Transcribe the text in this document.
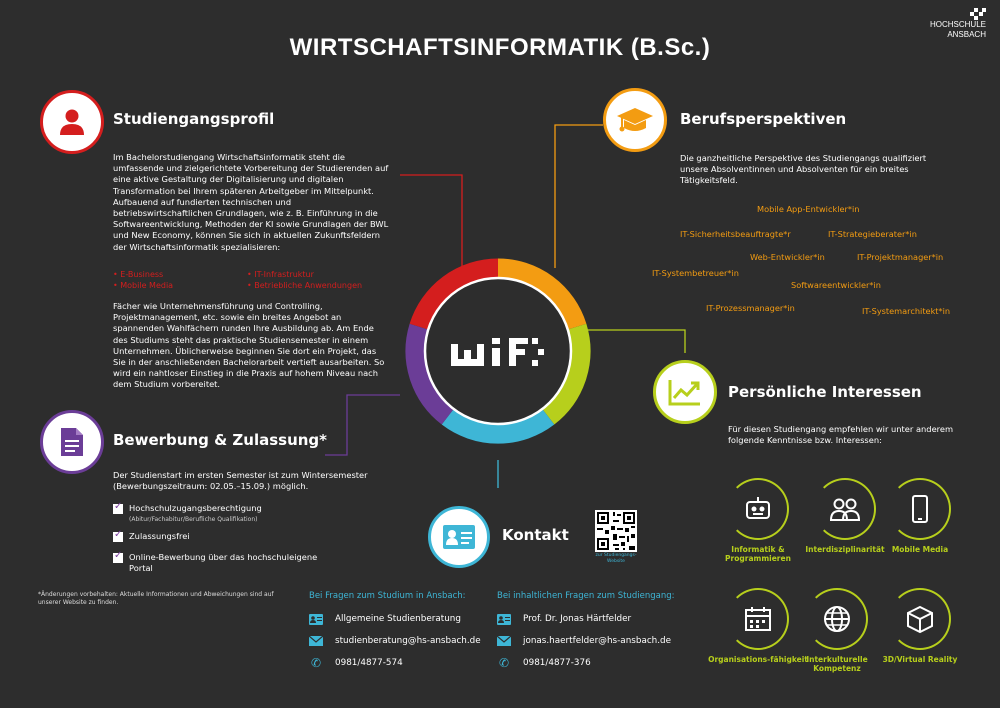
HOCHSCHULE
ANSBACH
WIRTSCHAFTSINFORMATIK (B.Sc.)
Studiengangsprofil
Im Bachelorstudiengang Wirtschaftsinformatik steht die umfassende und zielgerichtete Vorbereitung der Studierenden auf eine aktive Gestaltung der Digitalisierung und digitalen Transformation bei Ihrem späteren Arbeitgeber im Mittelpunkt. Aufbauend auf fundierten technischen und betriebswirtschaftlichen Grundlagen, wie z. B. Einführung in die Softwareentwicklung, Methoden der KI sowie Grundlagen der BWL und New Economy, können Sie sich in aktuellen Zukunftsfeldern der Wirtschaftsinformatik spezialisieren:
• E-Business
• Mobile Media
• IT-Infrastruktur
• Betriebliche Anwendungen
Fächer wie Unternehmensführung und Controlling, Projektmanagement, etc. sowie ein breites Angebot an spannenden Wahlfächern runden Ihre Ausbildung ab. Am Ende des Studiums steht das praktische Studiensemester in einem Unternehmen. Üblicherweise beginnen Sie dort ein Projekt, das Sie in der anschließenden Bachelorarbeit vertieft ausarbeiten. So wird ein nahtloser Einstieg in die Praxis auf hohem Niveau nach dem Studium vorbereitet.
Berufsperspektiven
Die ganzheitliche Perspektive des Studiengangs qualifiziert unsere Absolventinnen und Absolventen für ein breites Tätigkeitsfeld.
Mobile App-Entwickler*in
IT-Sicherheitsbeauftragte*r	IT-Strategieberater*in
Web-Entwickler*in	IT-Projektmanager*in
IT-Systembetreuer*in
Softwareentwickler*in
IT-Prozessmanager*in	IT-Systemarchitekt*in
Persönliche Interessen
Für diesen Studiengang empfehlen wir unter anderem folgende Kenntnisse bzw. Interessen:
Informatik & Programmieren
Interdisziplinarität Mobile Media
Organisations-fähigkeit
Interkulturelle Kompetenz
3D/Virtual Reality
Bewerbung & Zulassung*
Der Studienstart im ersten Semester ist zum Wintersemester (Bewerbungszeitraum: 02.05.–15.09.) möglich.
✓
Hochschulzugangsberechtigung
(Abitur/Fachabitur/Berufliche Qualifikation)
✓
Zulassungsfrei
✓
Online-Bewerbung über das hochschuleigene Portal
*Änderungen vorbehalten: Aktuelle Informationen und Abweichungen sind auf unserer Website zu finden.
Kontakt
zur Studiengangs-Website
Bei Fragen zum Studium in Ansbach:
Allgemeine Studienberatung
studienberatung@hs-ansbach.de
✆ 0981/4877-574
Bei inhaltlichen Fragen zum Studiengang:
Prof. Dr. Jonas Härtfelder
jonas.haertfelder@hs-ansbach.de
✆ 0981/4877-376
